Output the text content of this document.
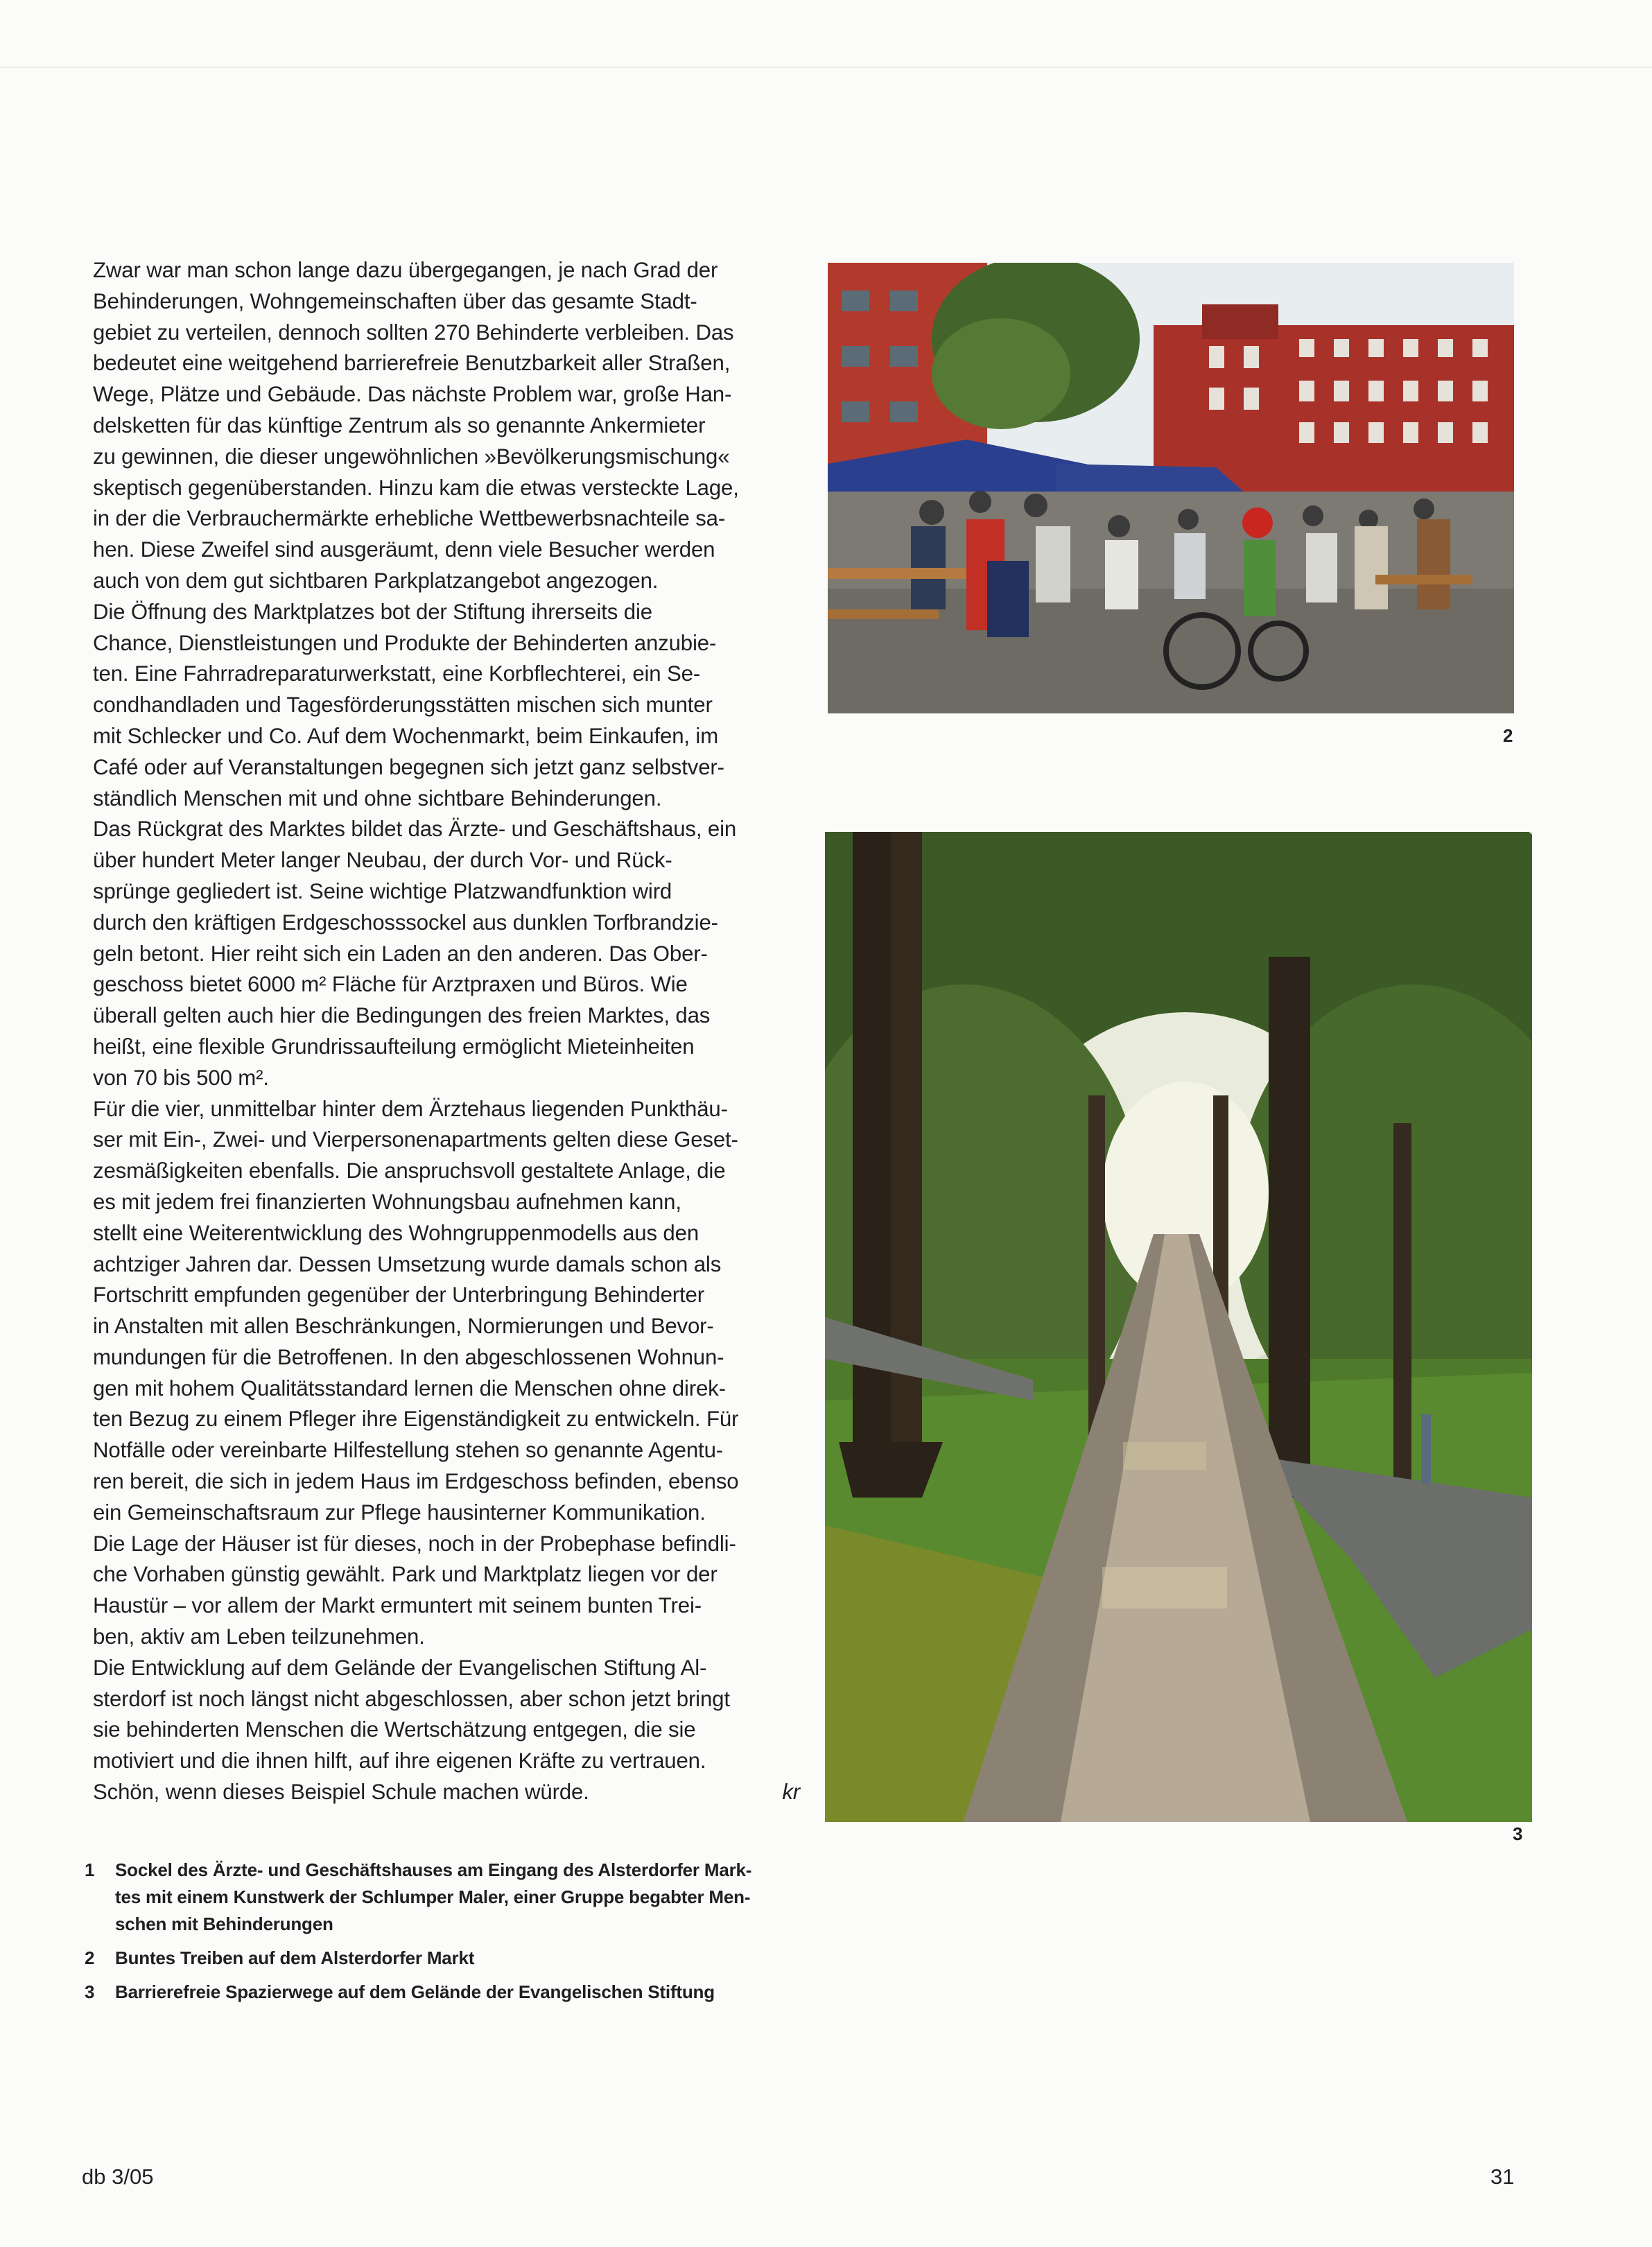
Zwar war man schon lange dazu übergegangen, je nach Grad der
Behinderungen, Wohngemeinschaften über das gesamte Stadt-
gebiet zu verteilen, dennoch sollten 270 Behinderte verbleiben. Das
bedeutet eine weitgehend barrierefreie Benutzbarkeit aller Straßen,
Wege, Plätze und Gebäude. Das nächste Problem war, große Han-
delsketten für das künftige Zentrum als so genannte Ankermieter
zu gewinnen, die dieser ungewöhnlichen »Bevölkerungsmischung«
skeptisch gegenüberstanden. Hinzu kam die etwas versteckte Lage,
in der die Verbrauchermärkte erhebliche Wettbewerbsnachteile sa-
hen. Diese Zweifel sind ausgeräumt, denn viele Besucher werden
auch von dem gut sichtbaren Parkplatzangebot angezogen.
Die Öffnung des Marktplatzes bot der Stiftung ihrerseits die
Chance, Dienstleistungen und Produkte der Behinderten anzubie-
ten. Eine Fahrradreparaturwerkstatt, eine Korbflechterei, ein Se-
condhandladen und Tagesförderungsstätten mischen sich munter
mit Schlecker und Co. Auf dem Wochenmarkt, beim Einkaufen, im
Café oder auf Veranstaltungen begegnen sich jetzt ganz selbstver-
ständlich Menschen mit und ohne sichtbare Behinderungen.
Das Rückgrat des Marktes bildet das Ärzte- und Geschäftshaus, ein
über hundert Meter langer Neubau, der durch Vor- und Rück-
sprünge gegliedert ist. Seine wichtige Platzwandfunktion wird
durch den kräftigen Erdgeschosssockel aus dunklen Torfbrandzie-
geln betont. Hier reiht sich ein Laden an den anderen. Das Ober-
geschoss bietet 6000 m² Fläche für Arztpraxen und Büros. Wie
überall gelten auch hier die Bedingungen des freien Marktes, das
heißt, eine flexible Grundrissaufteilung ermöglicht Mieteinheiten
von 70 bis 500 m².
Für die vier, unmittelbar hinter dem Ärztehaus liegenden Punkthäu-
ser mit Ein-, Zwei- und Vierpersonenapartments gelten diese Geset-
zesmäßigkeiten ebenfalls. Die anspruchsvoll gestaltete Anlage, die
es mit jedem frei finanzierten Wohnungsbau aufnehmen kann,
stellt eine Weiterentwicklung des Wohngruppenmodells aus den
achtziger Jahren dar. Dessen Umsetzung wurde damals schon als
Fortschritt empfunden gegenüber der Unterbringung Behinderter
in Anstalten mit allen Beschränkungen, Normierungen und Bevor-
mundungen für die Betroffenen. In den abgeschlossenen Wohnun-
gen mit hohem Qualitätsstandard lernen die Menschen ohne direk-
ten Bezug zu einem Pfleger ihre Eigenständigkeit zu entwickeln. Für
Notfälle oder vereinbarte Hilfestellung stehen so genannte Agentu-
ren bereit, die sich in jedem Haus im Erdgeschoss befinden, ebenso
ein Gemeinschaftsraum zur Pflege hausinterner Kommunikation.
Die Lage der Häuser ist für dieses, noch in der Probephase befindli-
che Vorhaben günstig gewählt. Park und Marktplatz liegen vor der
Haustür – vor allem der Markt ermuntert mit seinem bunten Trei-
ben, aktiv am Leben teilzunehmen.
Die Entwicklung auf dem Gelände der Evangelischen Stiftung Al-
sterdorf ist noch längst nicht abgeschlossen, aber schon jetzt bringt
sie behinderten Menschen die Wertschätzung entgegen, die sie
motiviert und die ihnen hilft, auf ihre eigenen Kräfte zu vertrauen.
Schön, wenn dieses Beispiel Schule machen würde.	kr
2
3
1 Sockel des Ärzte- und Geschäftshauses am Eingang des Alsterdorfer Mark-
tes mit einem Kunstwerk der Schlumper Maler, einer Gruppe begabter Men-
schen mit Behinderungen
2 Buntes Treiben auf dem Alsterdorfer Markt
3 Barrierefreie Spazierwege auf dem Gelände der Evangelischen Stiftung
db 3/05	31
